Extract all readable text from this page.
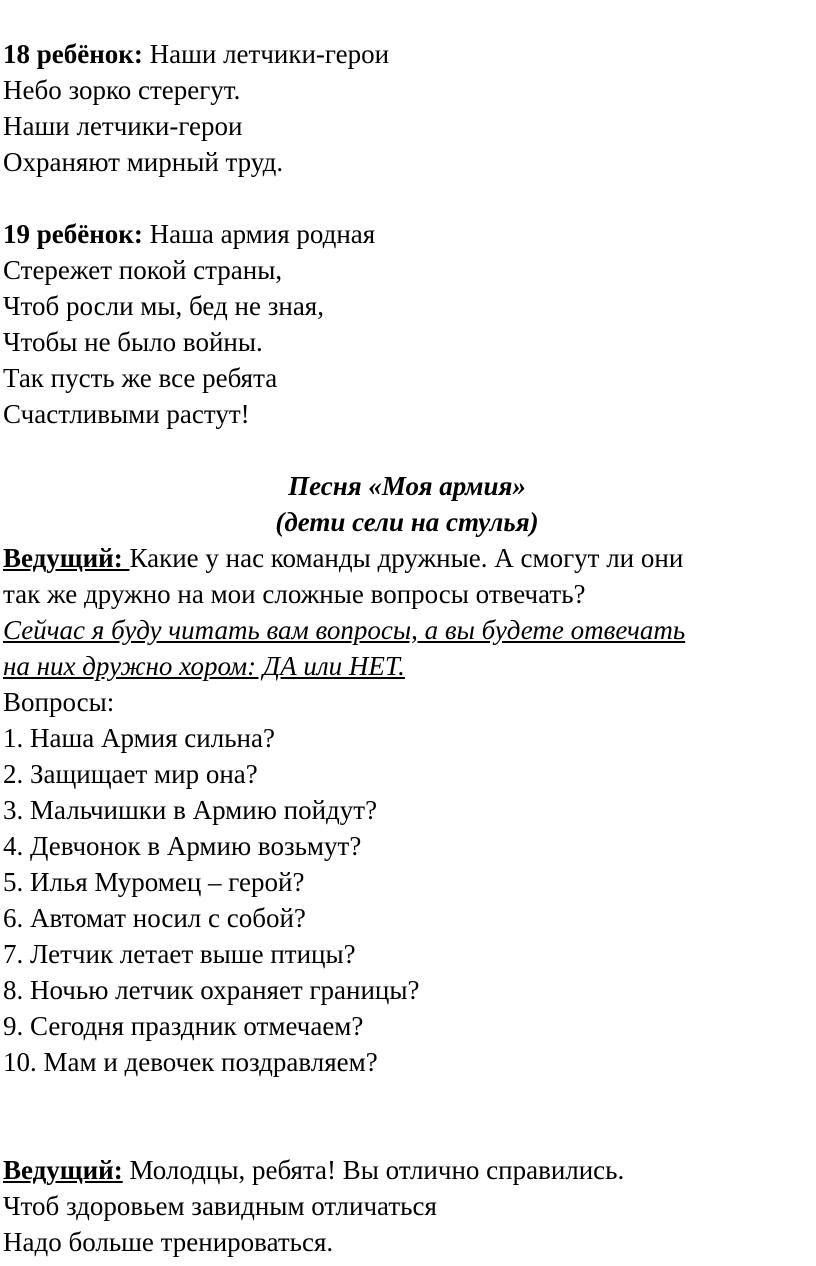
18 ребёнок: Наши летчики-герои
Небо зорко стерегут.
Наши летчики-герои
Охраняют мирный труд.
19 ребёнок: Наша армия родная
Стережет покой страны,
Чтоб росли мы, бед не зная,
Чтобы не было войны.
Так пусть же все ребята
Счастливыми растут!
Песня «Моя армия»
(дети сели на стулья)
Ведущий: Какие у нас команды дружные. А смогут ли они
так же дружно на мои сложные вопросы отвечать?
Сейчас я буду читать вам вопросы, а вы будете отвечать
на них дружно хором: ДА или НЕТ.
Вопросы:
1. Наша Армия сильна?
2. Защищает мир она?
3. Мальчишки в Армию пойдут?
4. Девчонок в Армию возьмут?
5. Илья Муромец – герой?
6. Автомат носил с собой?
7. Летчик летает выше птицы?
8. Ночью летчик охраняет границы?
9. Сегодня праздник отмечаем?
10. Мам и девочек поздравляем?
Ведущий: Молодцы, ребята! Вы отлично справились.
Чтоб здоровьем завидным отличаться
Надо больше тренироваться.
